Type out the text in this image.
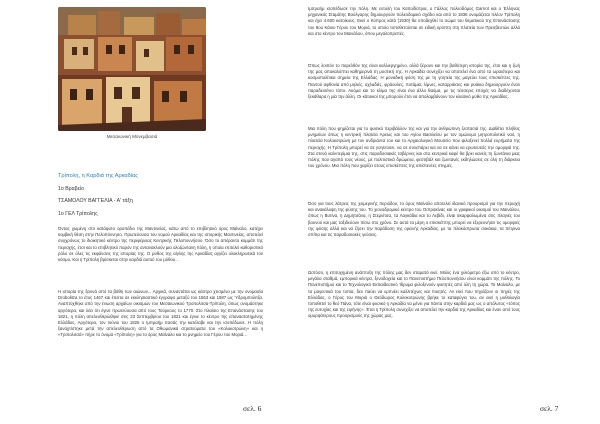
Μεσαιωνική Μονεμβασιά
Τρίπολη, η Καρδιά της Αρκαδίας
1ο Βραβείο
ΤΣΑΜΟΛΟΥ ΒΑΓΓΕΛΙΑ - Α' τάξη
1ο ΓΕΛ Τρίπολης

Όντας χωμένη στο κατάφυτο οροπέδιο της Μαντινείας, κάτω από το επιβλητικό όρος Μαίναλο, κατέχει κομβική θέση στην Πελοπόννησο. Πρωτεύουσα του νομού Αρκαδίας και της ιστορικής Μαντινείας, αποτελεί συγχρόνως το διοικητικό κέντρο της περιφέρειας Κεντρικής Πελοποννήσου. Όσο το απέραντο κομμάτι της περιοχής, έτσι και το επιβλητικό παρόν της αντανακλούν μια ολοζώντανη πόλη, η οποία επιτελεί καθοριστικό ρόλο σε όλες τις εκφάνσεις της ιστορίας της. Ο μύθος της αίγλης της Αρκαδίας αγγίζει ολοκληρωτικά τον κόσμο. Και η Τρίπολη βρίσκεται στην καρδιά αυτού του μύθου...

Η ιστορία της ξεκινά από τα βάθη των αιώνων... Αρχικά, συναντάται ως κάστρο χτισμένο με την ονομασία Drobolitza το έτος 1467 και έπειτα σε εκκλησιαστικό έγγραφο μεταξύ του 1563 και 1587 ως Ύδρομπολιτζα. Αναπτύχθηκε από την ένωση αρχαίων οικισμών του Μεσαιωνικού Τροπολιτσα-Τρίπολη, όπως ονομάστηκε αργότερα, και λέει ότι έγινε πρωτεύουσα από τους Τούρκους το 1770. Στο πλαίσιο της Επανάστασης του 1821, η πόλη απελευθερώθηκε στις 23 Σεπτεμβρίου του 1821 και έγινε το κέντρο της επαναστατημένης Ελλάδας. Αργότερα, τον Ιούνιο του 1825 ο Ιμπραήμ πασάς την κατέλαβε και την ισοπέδωσε. Η πόλη ξαναχτίστηκε μετά την απελευθέρωση από τα Οθωμανικά στρατεύματα του «Κολοκοτρώνη» και η «Τριπολιτσά» πήρε το όνομα «Τρίπολη» για το όρος Μαίναλο και το μνημείο του Γέρου του Μοριά...

σελ. 6

Ιμπραήμ ισοπέδωσε την πόλη. Με εντολή του Καποδίστρια, ο Γάλλος πολεοδόμος Garnot και ο Έλληνας μηχανικός Σταμάτης Βούλγαρης δημιουργούν πολεοδομικό σχέδιο και από το 1836 ονομάζεται πλέον Τρίπολη και έχει 4.600 κατοίκους. Εκεί ο Κύπρος κατά (1930) θα υποδεχθεί το σώμα του θεματικού της Επανάστασης του 8ou Κάιου Γέρου του Μοριά, το οποίο τοποθετούνται σε ειδική κρύπτη στη πλατεία των Πρεσβευτών αλλά και στο κέντρο του Μαινάλου, όπου μεγαλοπρεπές.

Όπως λοιπόν το παρελθόν της είναι καλλιεργημένο, αλλά ξέρουν και την βαθύτερη ιστορία της, έτσι και η ζωή της μας αποκαλύπτει καθημερινά τη μυστική της. Η Αρκαδία συνεχίζει να αποτελεί ένα από τα ωραιότερα και κοσμοπολίτικα σημεία της Ελλάδας. Η μοναδική φύση της με τη γοητεία της μαγεύει τους επισκέπτες της. Παντού αφθονία από μηλιές, αχλαδιές, φράουλες, ποτάμια, λίμνες, καταρράκτες και ρυάκια δημιουργούν έναν παραδεισένιο τόπο. Ακόμα και το κλίμα της είναι ένα άλλο θαύμα, με τις τέσσερις εποχές να διαδέχονται ξεκάθαρα η μία την άλλη. Οι κάτοικοί της μπορούν έτσι να απολαμβάνουν τον κλασικό μύθο της Αρκαδίας.

Μια πόλη που φημίζεται για το φυσικό περιβάλλον της και για την ανθρώπινη ζεστασιά της. Διαθέτει πλήθος μνημείων όπως η κεντρική πλατεία Άρεως και του Αγίου Βασιλείου με τον ομώνυμο μητροπολιτικό ναό, η πλατεία Κολοκοτρώνη με τον ανδριάντα του και το Αρχαιολογικό Μουσείο που φιλοξενεί πολλά ευρήματα της περιοχής. Η Τρίπολη μπορεί να σε γοητεύσει, να σε συνεπάρει και να σε κάνει να ερωτευτείς την ομορφιά της. Στα στενά καλντερίμια της, στις παραδοσιακές ταβέρνες και στα κεντρικά καφέ θα βρει κανείς τη ζωντάνια μιας πόλης που αγαπά τους νέους, με πολιτιστικά δρώμενα, φεστιβάλ και ζωντανές εκδηλώσεις σε όλη τη διάρκεια του χρόνου. Μια πόλη που χαρίζει στους επισκέπτες της απίστευτες στιγμές.

Όσο για τους λάτρεις της χειμερινής περιόδου, το όρος Μαίναλο αποτελεί ιδανικό προορισμό για την περιοχή και ανακάλυψη της φύσης του. Το χιονοδρομικό κέντρο του Οστρακίνας και οι γραφικοί οικισμοί του Μαινάλου, όπως η Βυτίνα, η Δημητσάνα, η Στεμνίτσα, τα Λαγκάδια και το Λεβίδι, είναι σκαρφαλωμένα στις πλαγιές του βουνού και μας ταξιδεύουν πίσω στο χρόνο. Σε αυτά τα μέρη ο επισκέπτης μπορεί να εξερευνήσει τις ομορφιές της φύσης αλλά και να ζήσει την παράδοση της ορεινής Αρκαδίας, με τα πλακόστρωτα σοκάκια, τα πέτρινα σπίτια και τις παραδοσιακές γεύσεις.

Ωστόσο, η επιτυχημένη ανάπτυξη της πόλης μας δεν σταματά εκεί. Μόλις ένα χιλιόμετρο έξω από το κέντρο, μεγάλα σταθμά, εμπορικά κέντρα, ξενοδοχεία και το Πανεπιστήμιο Πελοποννήσου είναι κομμάτι της πόλης. Το Πανεπιστήμιο και το Τεχνολογικό Εκπαιδευτικό Ίδρυμα φιλοξενούν φοιτητές από όλη τη χώρα. Το Μαίναλο, με τα μαγευτικά του τοπία, δεν παύει να εμπνέει καλλιτέχνες και ποιητές. Αν εκεί που πηγάζουν οι πηγές της Ελλάδας, ο Γέρος του Μοριά ο Θεόδωρος Κολοκοτρώνης βρήκε το καταφύγιο του, αν εκεί η μυθολογία τοποθετεί το θεό Πάνα, τότε είναι φυσικό η Αρκαδία να μένει για πάντα στην καρδιά μας ως ο απόλυτος «τόπος της ευτυχίας και της ειρήνης». Έτσι η Τρίπολη συνεχίζει να αποτελεί την καρδιά της Αρκαδίας και έναν από τους ομορφότερους προορισμούς της χώρας μας.

σελ. 7
